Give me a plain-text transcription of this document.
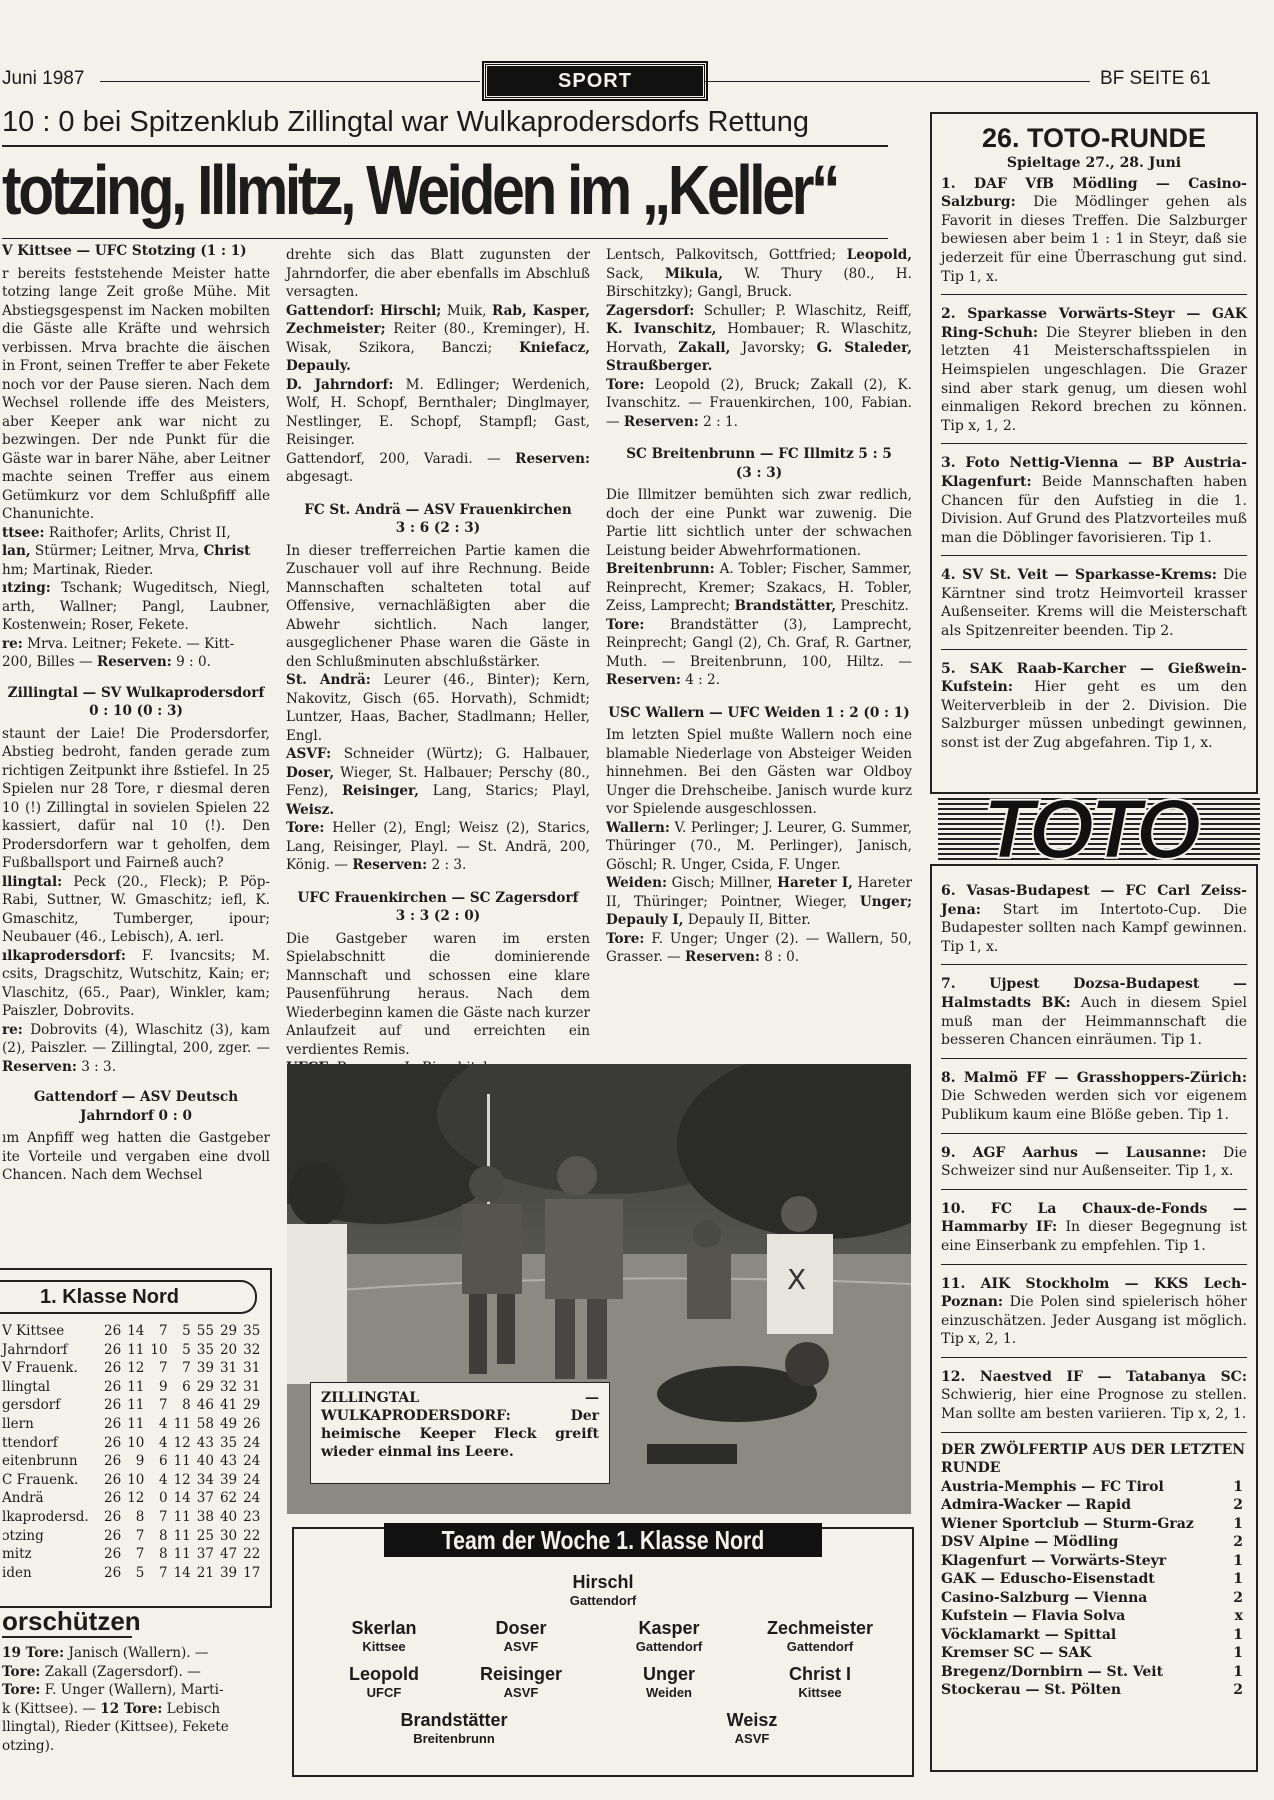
Juni 1987	SPORT	BF SEITE 61
10 : 0 bei Spitzenklub Zillingtal war Wulkaprodersdorfs Rettung
totzing, Illmitz, Weiden im „Keller“

V Kittsee — UFC Stotzing (1 : 1)

r bereits feststehende Meister hatte totzing lange Zeit große Mühe. Mit Abstiegsgespenst im Nacken mobilten die Gäste alle Kräfte und wehrsich verbissen. Mrva brachte die äischen in Front, seinen Treffer te aber Fekete noch vor der Pause sieren. Nach dem Wechsel rollende iffe des Meisters, aber Keeper ank war nicht zu bezwingen. Der nde Punkt für die Gäste war in barer Nähe, aber Leitner machte seinen Treffer aus einem Getümkurz vor dem Schlußpfiff alle Chanunichte.

ttsee: Raithofer; Arlits, Christ II,

lan, Stürmer; Leitner, Mrva, Christ

hm; Martinak, Rieder.

ıtzing: Tschank; Wugeditsch, Niegl, arth, Wallner; Pangl, Laubner, Kostenwein; Roser, Fekete.

re: Mrva. Leitner; Fekete. — Kitt-

200, Billes — Reserven: 9 : 0.

Zillingtal — SV Wulkaprodersdorf

0 : 10 (0 : 3)

staunt der Laie! Die Prodersdorfer, Abstieg bedroht, fanden gerade zum richtigen Zeitpunkt ihre ßstiefel. In 25 Spielen nur 28 Tore, r diesmal deren 10 (!) Zillingtal in sovielen Spielen 22 kassiert, dafür nal 10 (!). Den Prodersdorfern war t geholfen, dem Fußballsport und Fairneß auch?

llingtal: Peck (20., Fleck); P. Pöp-Rabi, Suttner, W. Gmaschitz; iefl, K. Gmaschitz, Tumberger, ipour; Neubauer (46., Lebisch), A. ıerl.

ılkaprodersdorf: F. Ivancsits; M. csits, Dragschitz, Wutschitz, Kain; er; Vlaschitz, (65., Paar), Winkler, kam; Paiszler, Dobrovits.

re: Dobrovits (4), Wlaschitz (3), kam (2), Paiszler. — Zillingtal, 200, zger. — Reserven: 3 : 3.

Gattendorf — ASV Deutsch Jahrndorf 0 : 0

ım Anpfiff weg hatten die Gastgeber ite Vorteile und vergaben eine dvoll Chancen. Nach dem Wechsel

drehte sich das Blatt zugunsten der Jahrndorfer, die aber ebenfalls im Abschluß versagten.

Gattendorf: Hirschl; Muik, Rab, Kasper, Zechmeister; Reiter (80., Kreminger), H. Wisak, Szikora, Banczi; Kniefacz, Depauly.

D. Jahrndorf: M. Edlinger; Werdenich, Wolf, H. Schopf, Bernthaler; Dinglmayer, Nestlinger, E. Schopf, Stampfl; Gast, Reisinger.

Gattendorf, 200, Varadi. — Reserven: abgesagt.

FC St. Andrä — ASV Frauenkirchen

3 : 6 (2 : 3)

In dieser trefferreichen Partie kamen die Zuschauer voll auf ihre Rechnung. Beide Mannschaften schalteten total auf Offensive, vernachläßigten aber die Abwehr sichtlich. Nach langer, ausgeglichener Phase waren die Gäste in den Schlußminuten abschlußstärker.

St. Andrä: Leurer (46., Binter); Kern, Nakovitz, Gisch (65. Horvath), Schmidt; Luntzer, Haas, Bacher, Stadlmann; Heller, Engl.

ASVF: Schneider (Würtz); G. Halbauer, Doser, Wieger, St. Halbauer; Perschy (80., Fenz), Reisinger, Lang, Starics; Playl, Weisz.

Tore: Heller (2), Engl; Weisz (2), Starics, Lang, Reisinger, Playl. — St. Andrä, 200, König. — Reserven: 2 : 3.

UFC Frauenkirchen — SC Zagersdorf

3 : 3 (2 : 0)

Die Gastgeber waren im ersten Spielabschnitt die dominierende Mannschaft und schossen eine klare Pausenführung heraus. Nach dem Wiederbeginn kamen die Gäste nach kurzer Anlaufzeit auf und erreichten ein verdientes Remis.

Lentsch, Palkovitsch, Gottfried; Leopold, Sack, Mikula, W. Thury (80., H. Birschitzky); Gangl, Bruck.

Zagersdorf: Schuller; P. Wlaschitz, Reiff, K. Ivanschitz, Hombauer; R. Wlaschitz, Horvath, Zakall, Javorsky; G. Staleder, Straußberger.

Tore: Leopold (2), Bruck; Zakall (2), K. Ivanschitz. — Frauenkirchen, 100, Fabian. — Reserven: 2 : 1.

SC Breitenbrunn — FC Illmitz 5 : 5

(3 : 3)

Die Illmitzer bemühten sich zwar redlich, doch der eine Punkt war zuwenig. Die Partie litt sichtlich unter der schwachen Leistung beider Abwehrformationen.

Breitenbrunn: A. Tobler; Fischer, Sammer, Reinprecht, Kremer; Szakacs, H. Tobler, Zeiss, Lamprecht; Brandstätter, Preschitz.

Tore: Brandstätter (3), Lamprecht, Reinprecht; Gangl (2), Ch. Graf, R. Gartner, Muth. — Breitenbrunn, 100, Hiltz. — Reserven: 4 : 2.

USC Wallern — UFC Weiden 1 : 2 (0 : 1)

Im letzten Spiel mußte Wallern noch eine blamable Niederlage von Absteiger Weiden hinnehmen. Bei den Gästen war Oldboy Unger die Drehscheibe. Janisch wurde kurz vor Spielende ausgeschlossen.

Wallern: V. Perlinger; J. Leurer, G. Summer, Thüringer (70., M. Perlinger), Janisch, Göschl; R. Unger, Csida, F. Unger.

Weiden: Gisch; Millner, Hareter I, Hareter II, Thüringer; Pointner, Wieger, Unger; Depauly I, Depauly II, Bitter.

Tore: F. Unger; Unger (2). — Wallern, 50, Grasser. — Reserven: 8 : 0.

X
ZILLINGTAL — WULKAPRODERSDORF: Der heimische Keeper Fleck greift wieder einmal ins Leere.
1. Klasse Nord
V Kittsee	26	14	7	5	55	29	35
Jahrndorf	26	11	10	5	35	20	32
V Frauenk.	26	12	7	7	39	31	31
llingtal	26	11	9	6	29	32	31
gersdorf	26	11	7	8	46	41	29
llern	26	11	4	11	58	49	26
ttendorf	26	10	4	12	43	35	24
eitenbrunn	26	9	6	11	40	43	24
C Frauenk.	26	10	4	12	34	39	24
Andrä	26	12	0	14	37	62	24
lkaprodersd.	26	8	7	11	38	40	23
ɔtzing	26	7	8	11	25	30	22
mitz	26	7	8	11	37	47	22
iden	26	5	7	14	21	39	17
orschützen

19 Tore: Janisch (Wallern). —

Tore: Zakall (Zagersdorf). —

Tore: F. Unger (Wallern), Marti-

k (Kittsee). — 12 Tore: Lebisch

llingtal), Rieder (Kittsee), Fekete

otzing).

Team der Woche 1. Klasse Nord
Hirschl
Gattendorf
Skerlan
Kittsee
Doser
ASVF
Kasper
Gattendorf
Zechmeister
Gattendorf
Leopold
UFCF
Reisinger
ASVF
Unger
Weiden
Christ I
Kittsee
Brandstätter
Breitenbrunn
Weisz
ASVF
26. TOTO-RUNDE
Spieltage 27., 28. Juni

1. DAF VfB Mödling — Casino-Salzburg: Die Mödlinger gehen als Favorit in dieses Treffen. Die Salzburger bewiesen aber beim 1 : 1 in Steyr, daß sie jederzeit für eine Überraschung gut sind. Tip 1, x.

2. Sparkasse Vorwärts-Steyr — GAK Ring-Schuh: Die Steyrer blieben in den letzten 41 Meisterschaftsspielen in Heimspielen ungeschlagen. Die Grazer sind aber stark genug, um diesen wohl einmaligen Rekord brechen zu können. Tip x, 1, 2.

3. Foto Nettig-Vienna — BP Austria-Klagenfurt: Beide Mannschaften haben Chancen für den Aufstieg in die 1. Division. Auf Grund des Platzvorteiles muß man die Döblinger favorisieren. Tip 1.

4. SV St. Veit — Sparkasse-Krems: Die Kärntner sind trotz Heimvorteil krasser Außenseiter. Krems will die Meisterschaft als Spitzenreiter beenden. Tip 2.

5. SAK Raab-Karcher — Gießwein-Kufstein: Hier geht es um den Weiterverbleib in der 2. Division. Die Salzburger müssen unbedingt gewinnen, sonst ist der Zug abgefahren. Tip 1, x.

TOTO

6. Vasas-Budapest — FC Carl Zeiss-Jena: Start im Intertoto-Cup. Die Budapester sollten nach Kampf gewinnen. Tip 1, x.

7. Ujpest Dozsa-Budapest — Halmstadts BK: Auch in diesem Spiel muß man der Heimmannschaft die besseren Chancen einräumen. Tip 1.

8. Malmö FF — Grasshoppers-Zürich: Die Schweden werden sich vor eigenem Publikum kaum eine Blöße geben. Tip 1.

9. AGF Aarhus — Lausanne: Die Schweizer sind nur Außenseiter. Tip 1, x.

10. FC La Chaux-de-Fonds — Hammarby IF: In dieser Begegnung ist eine Einserbank zu empfehlen. Tip 1.

11. AIK Stockholm — KKS Lech-Poznan: Die Polen sind spielerisch höher einzuschätzen. Jeder Ausgang ist möglich. Tip x, 2, 1.

12. Naestved IF — Tatabanya SC: Schwierig, hier eine Prognose zu stellen. Man sollte am besten variieren. Tip x, 2, 1.

DER ZWÖLFERTIP AUS DER LETZTEN RUNDE
Austria-Memphis — FC Tirol	1
Admira-Wacker — Rapid	2
Wiener Sportclub — Sturm-Graz	1
DSV Alpine — Mödling	2
Klagenfurt — Vorwärts-Steyr	1
GAK — Eduscho-Eisenstadt	1
Casino-Salzburg — Vienna	2
Kufstein — Flavia Solva	x
Vöcklamarkt — Spittal	1
Kremser SC — SAK	1
Bregenz/Dornbirn — St. Veit	1
Stockerau — St. Pölten	2
